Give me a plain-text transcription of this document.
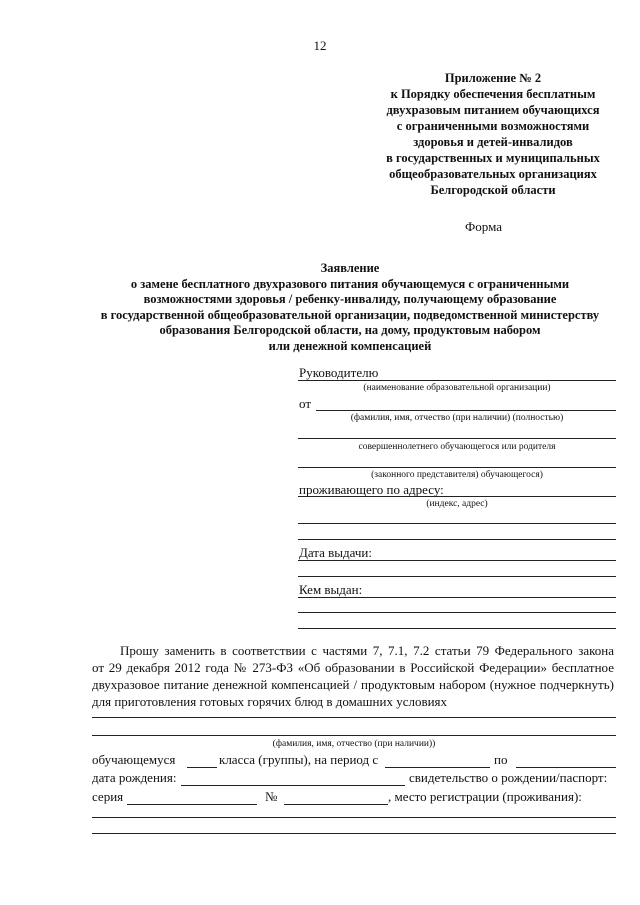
12
Приложение № 2
к Порядку обеспечения бесплатным
двухразовым питанием обучающихся
с ограниченными возможностями
здоровья и детей-инвалидов
в государственных и муниципальных
общеобразовательных организациях
Белгородской области
Форма
Заявление
о замене бесплатного двухразового питания обучающемуся с ограниченными
возможностями здоровья / ребенку-инвалиду, получающему образование
в государственной общеобразовательной организации, подведомственной министерству
образования Белгородской области, на дому, продуктовым набором
или денежной компенсацией
Руководителю
(наименование образовательной организации)
от
(фамилия, имя, отчество (при наличии) (полностью)
совершеннолетнего обучающегося или родителя
(законного представителя) обучающегося)
проживающего по адресу:
(индекс, адрес)
Дата выдачи:
Кем выдан:

Прошу заменить в соответствии с частями 7, 7.1, 7.2 статьи 79 Федерального закона

от 29 декабря 2012 года № 273-ФЗ «Об образовании в Российской Федерации» бесплатное

двухразовое питание денежной компенсацией / продуктовым набором (нужное подчеркнуть)

для приготовления готовых горячих блюд в домашних условиях

(фамилия, имя, отчество (при наличии))
обучающемуся	класса (группы), на период с	по
дата рождения:	свидетельство о рождении/паспорт:
серия	№	, место регистрации (проживания):
